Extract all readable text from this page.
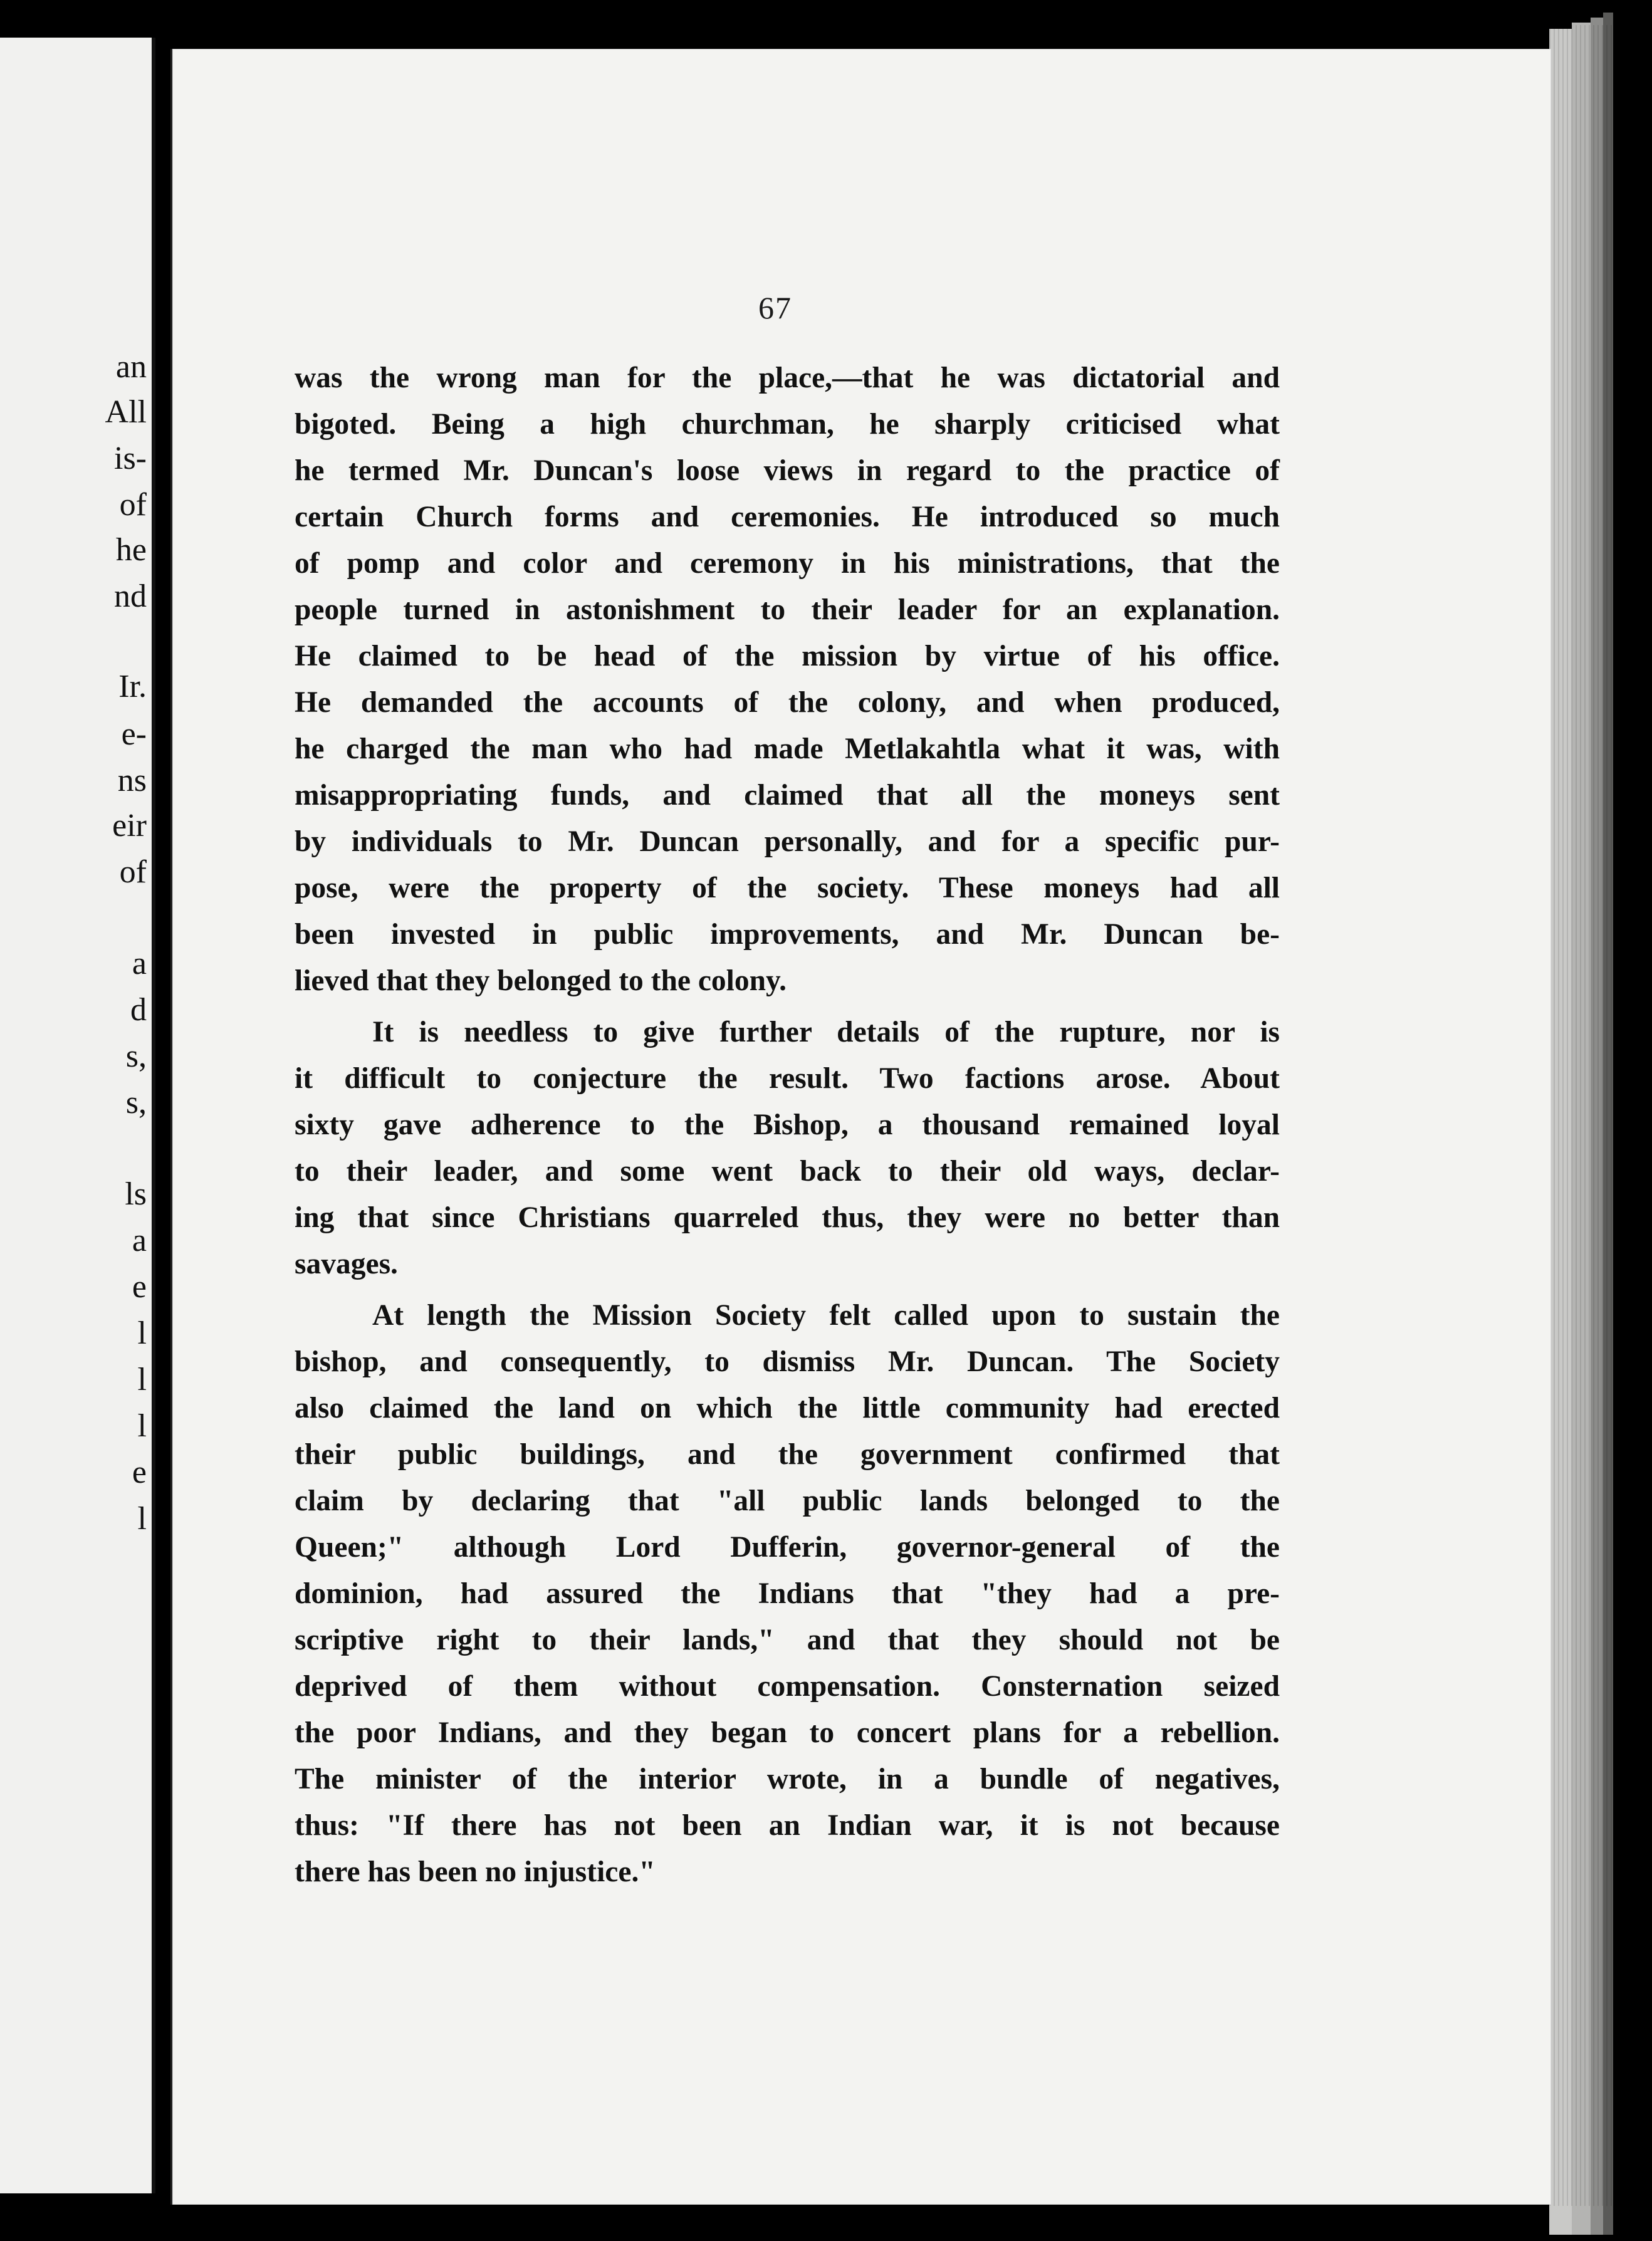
an
All
is-
of
he
nd
Ir.
e-
ns
eir
of
a
d
s,
s,
ls
a
e
l
l
l
e
l
67

was the wrong man for the place,—that he was dictatorial and
bigoted. Being a high churchman, he sharply criticised what
he termed Mr. Duncan's loose views in regard to the practice of
certain Church forms and ceremonies. He introduced so much
of pomp and color and ceremony in his ministrations, that the
people turned in astonishment to their leader for an explanation.
He claimed to be head of the mission by virtue of his office.
He demanded the accounts of the colony, and when produced,
he charged the man who had made Metlakahtla what it was, with
misappropriating funds, and claimed that all the moneys sent
by individuals to Mr. Duncan personally, and for a specific pur-
pose, were the property of the society. These moneys had all
been invested in public improvements, and Mr. Duncan be-
lieved that they belonged to the colony.

It is needless to give further details of the rupture, nor is
it difficult to conjecture the result. Two factions arose. About
sixty gave adherence to the Bishop, a thousand remained loyal
to their leader, and some went back to their old ways, declar-
ing that since Christians quarreled thus, they were no better than
savages.

At length the Mission Society felt called upon to sustain the
bishop, and consequently, to dismiss Mr. Duncan. The Society
also claimed the land on which the little community had erected
their public buildings, and the government confirmed that
claim by declaring that "all public lands belonged to the
Queen;" although Lord Dufferin, governor-general of the
dominion, had assured the Indians that "they had a pre-
scriptive right to their lands," and that they should not be
deprived of them without compensation. Consternation seized
the poor Indians, and they began to concert plans for a rebellion.
The minister of the interior wrote, in a bundle of negatives,
thus: "If there has not been an Indian war, it is not because
there has been no injustice."
